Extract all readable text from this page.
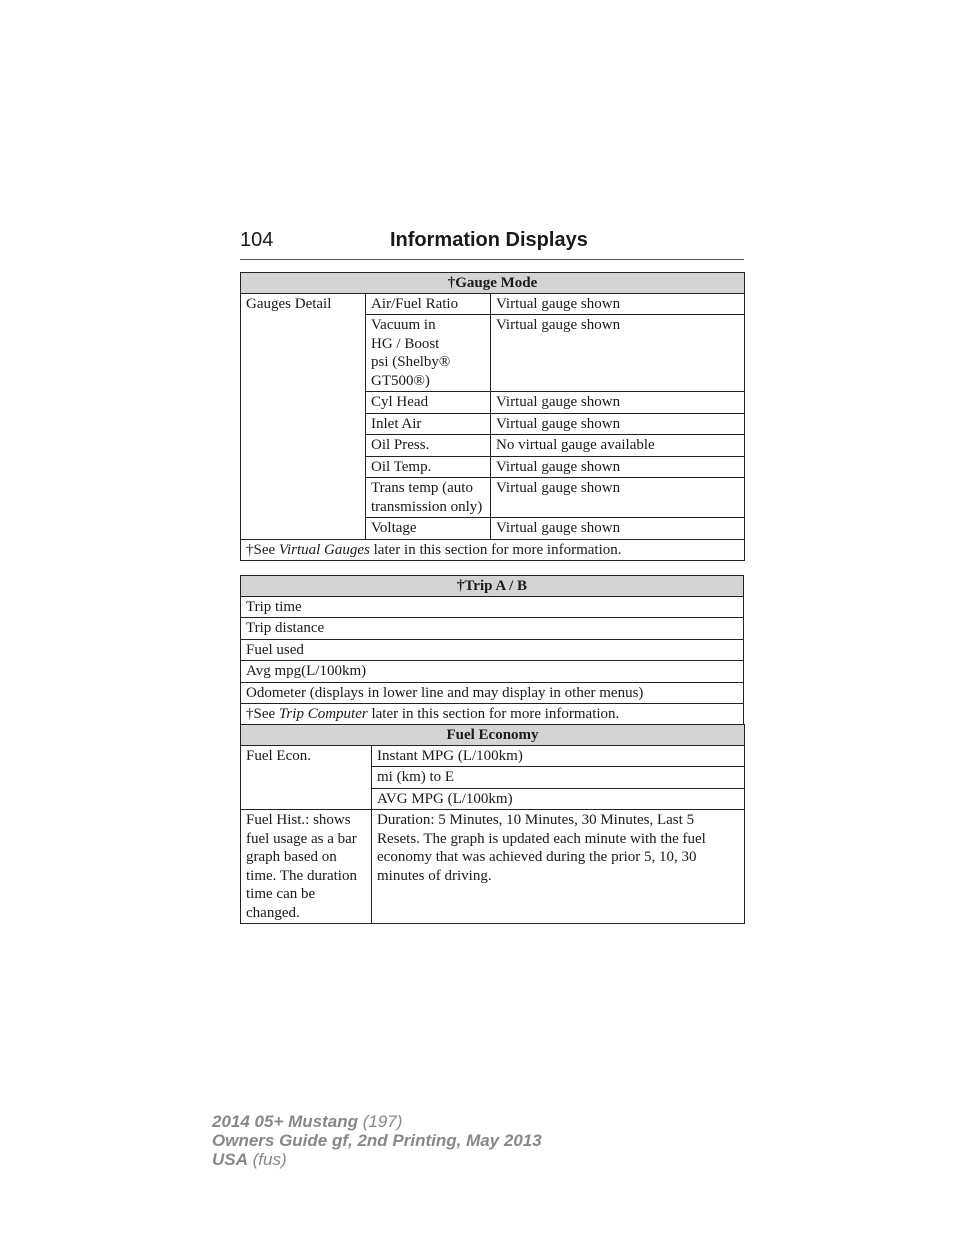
104	Information Displays
†Gauge Mode		
Gauges Detail	Air/Fuel Ratio	Virtual gauge shown
	Vacuum in HG / Boost psi (Shelby® GT500®)	Virtual gauge shown
	Cyl Head	Virtual gauge shown
	Inlet Air	Virtual gauge shown
	Oil Press.	No virtual gauge available
	Oil Temp.	Virtual gauge shown
	Trans temp (auto transmission only)	Virtual gauge shown
	Voltage	Virtual gauge shown
†See Virtual Gauges later in this section for more information.		
†Trip A / B
Trip time
Trip distance
Fuel used
Avg mpg(L/100km)
Odometer (displays in lower line and may display in other menus)
†See Trip Computer later in this section for more information.
Fuel Economy	
Fuel Econ.	Instant MPG (L/100km)
	mi (km) to E
	AVG MPG (L/100km)
Fuel Hist.: shows fuel usage as a bar graph based on time. The duration time can be changed.	Duration: 5 Minutes, 10 Minutes, 30 Minutes, Last 5 Resets. The graph is updated each minute with the fuel economy that was achieved during the prior 5, 10, 30 minutes of driving.
2014 05+ Mustang (197)
Owners Guide gf, 2nd Printing, May 2013
USA (fus)
